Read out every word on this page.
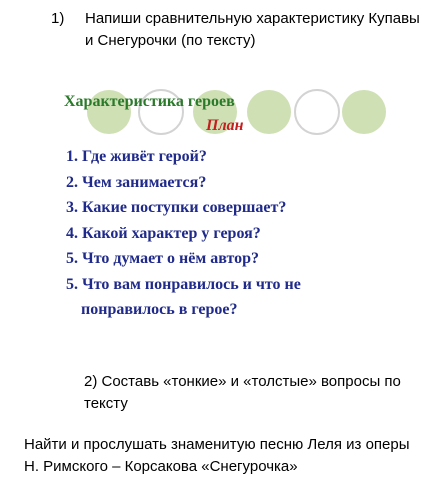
1) Напиши сравнительную характеристику Купавы и Снегурочки (по тексту)
Характеристика героев
План
1. Где живёт герой?
2. Чем занимается?
3. Какие поступки совершает?
4. Какой характер у героя?
5. Что думает о нём автор?
5. Что вам понравилось и что не понравилось в герое?
2) Составь «тонкие» и «толстые» вопросы по тексту
Найти и прослушать знаменитую песню Леля из оперы Н. Римского – Корсакова «Снегурочка»
